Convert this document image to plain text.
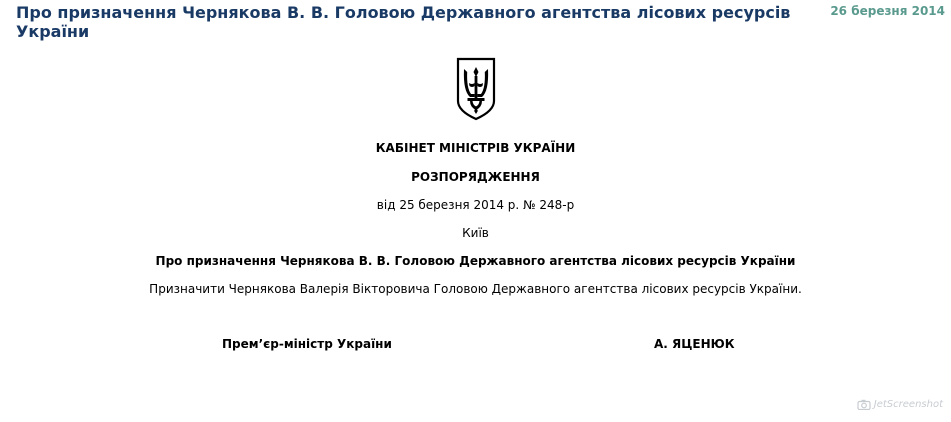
Про призначення Чернякова В. В. Головою Державного агентства лісових ресурсів України
26 березня 2014
КАБІНЕТ МІНІСТРІВ УКРАЇНИ
РОЗПОРЯДЖЕННЯ
від 25 березня 2014 р. № 248-р
Київ
Про призначення Чернякова В. В. Головою Державного агентства лісових ресурсів України
Призначити Чернякова Валерія Вікторовича Головою Державного агентства лісових ресурсів України.
Прем’єр-міністр України	А. ЯЦЕНЮК
JetScreenshot
